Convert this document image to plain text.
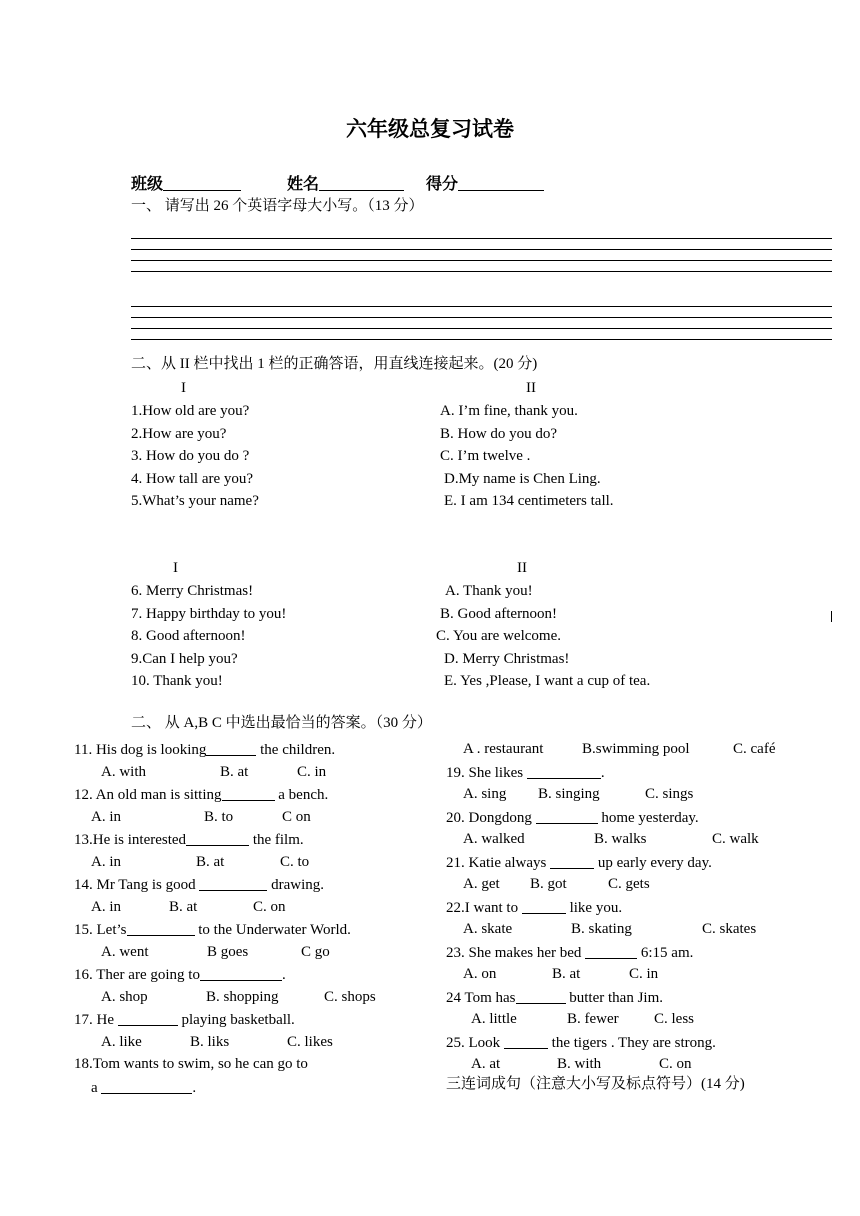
六年级总复习试卷
班级	姓名	得分
一、 请写出 26 个英语字母大小写。（13 分）
二、从 II 栏中找出 1 栏的正确答语，用直线连接起来。(20 分)
I	II
1.How old are you?	A. I’m fine, thank you.
2.How are you?	B. How do you do?
3. How do you do ?	C. I’m twelve .
4. How tall are you?	D.My name is Chen Ling.
5.What’s your name?	E. I am 134 centimeters tall.
I	II
6. Merry Christmas!	A. Thank you!
7. Happy birthday to you!	B. Good afternoon!
8. Good afternoon!	C. You are welcome.
9.Can I help you?	D. Merry Christmas!
10. Thank you!	E. Yes ,Please, I want a cup of tea.
二、 从 A,B C 中选出最恰当的答案。（30 分）
11. His dog is looking	the children.
A. with	B. at	C. in
12. An old man is sitting	a bench.
A. in	B. to	C on
13.He is interested	the film.
A. in	B. at	C. to
14. Mr Tang is good	drawing.
A. in	B. at	C. on
15. Let’s	to the Underwater World.
A. went	B goes	C go
16. Ther are going to	.
A. shop	B. shopping	C. shops
17. He	playing basketball.
A. like	B. liks	C. likes
18.Tom wants to swim, so he can go to
a	.
A . restaurant	B.swimming pool	C. café
19. She likes	.
A. sing B. singing	C. sings
20. Dongdong	home yesterday.
A. walked	B. walks	C. walk
21. Katie always	up early every day.
A. get B. got	C. gets
22.I want to	like you.
A. skate	B. skating	C. skates
23. She makes her bed	6:15 am.
A. on	B. at	C. in
24 Tom has	butter than Jim.
A. little	B. fewer C. less
25. Look	the tigers . They are strong.
A. at	B. with	C. on
三连词成句（注意大小写及标点符号）(14 分)
